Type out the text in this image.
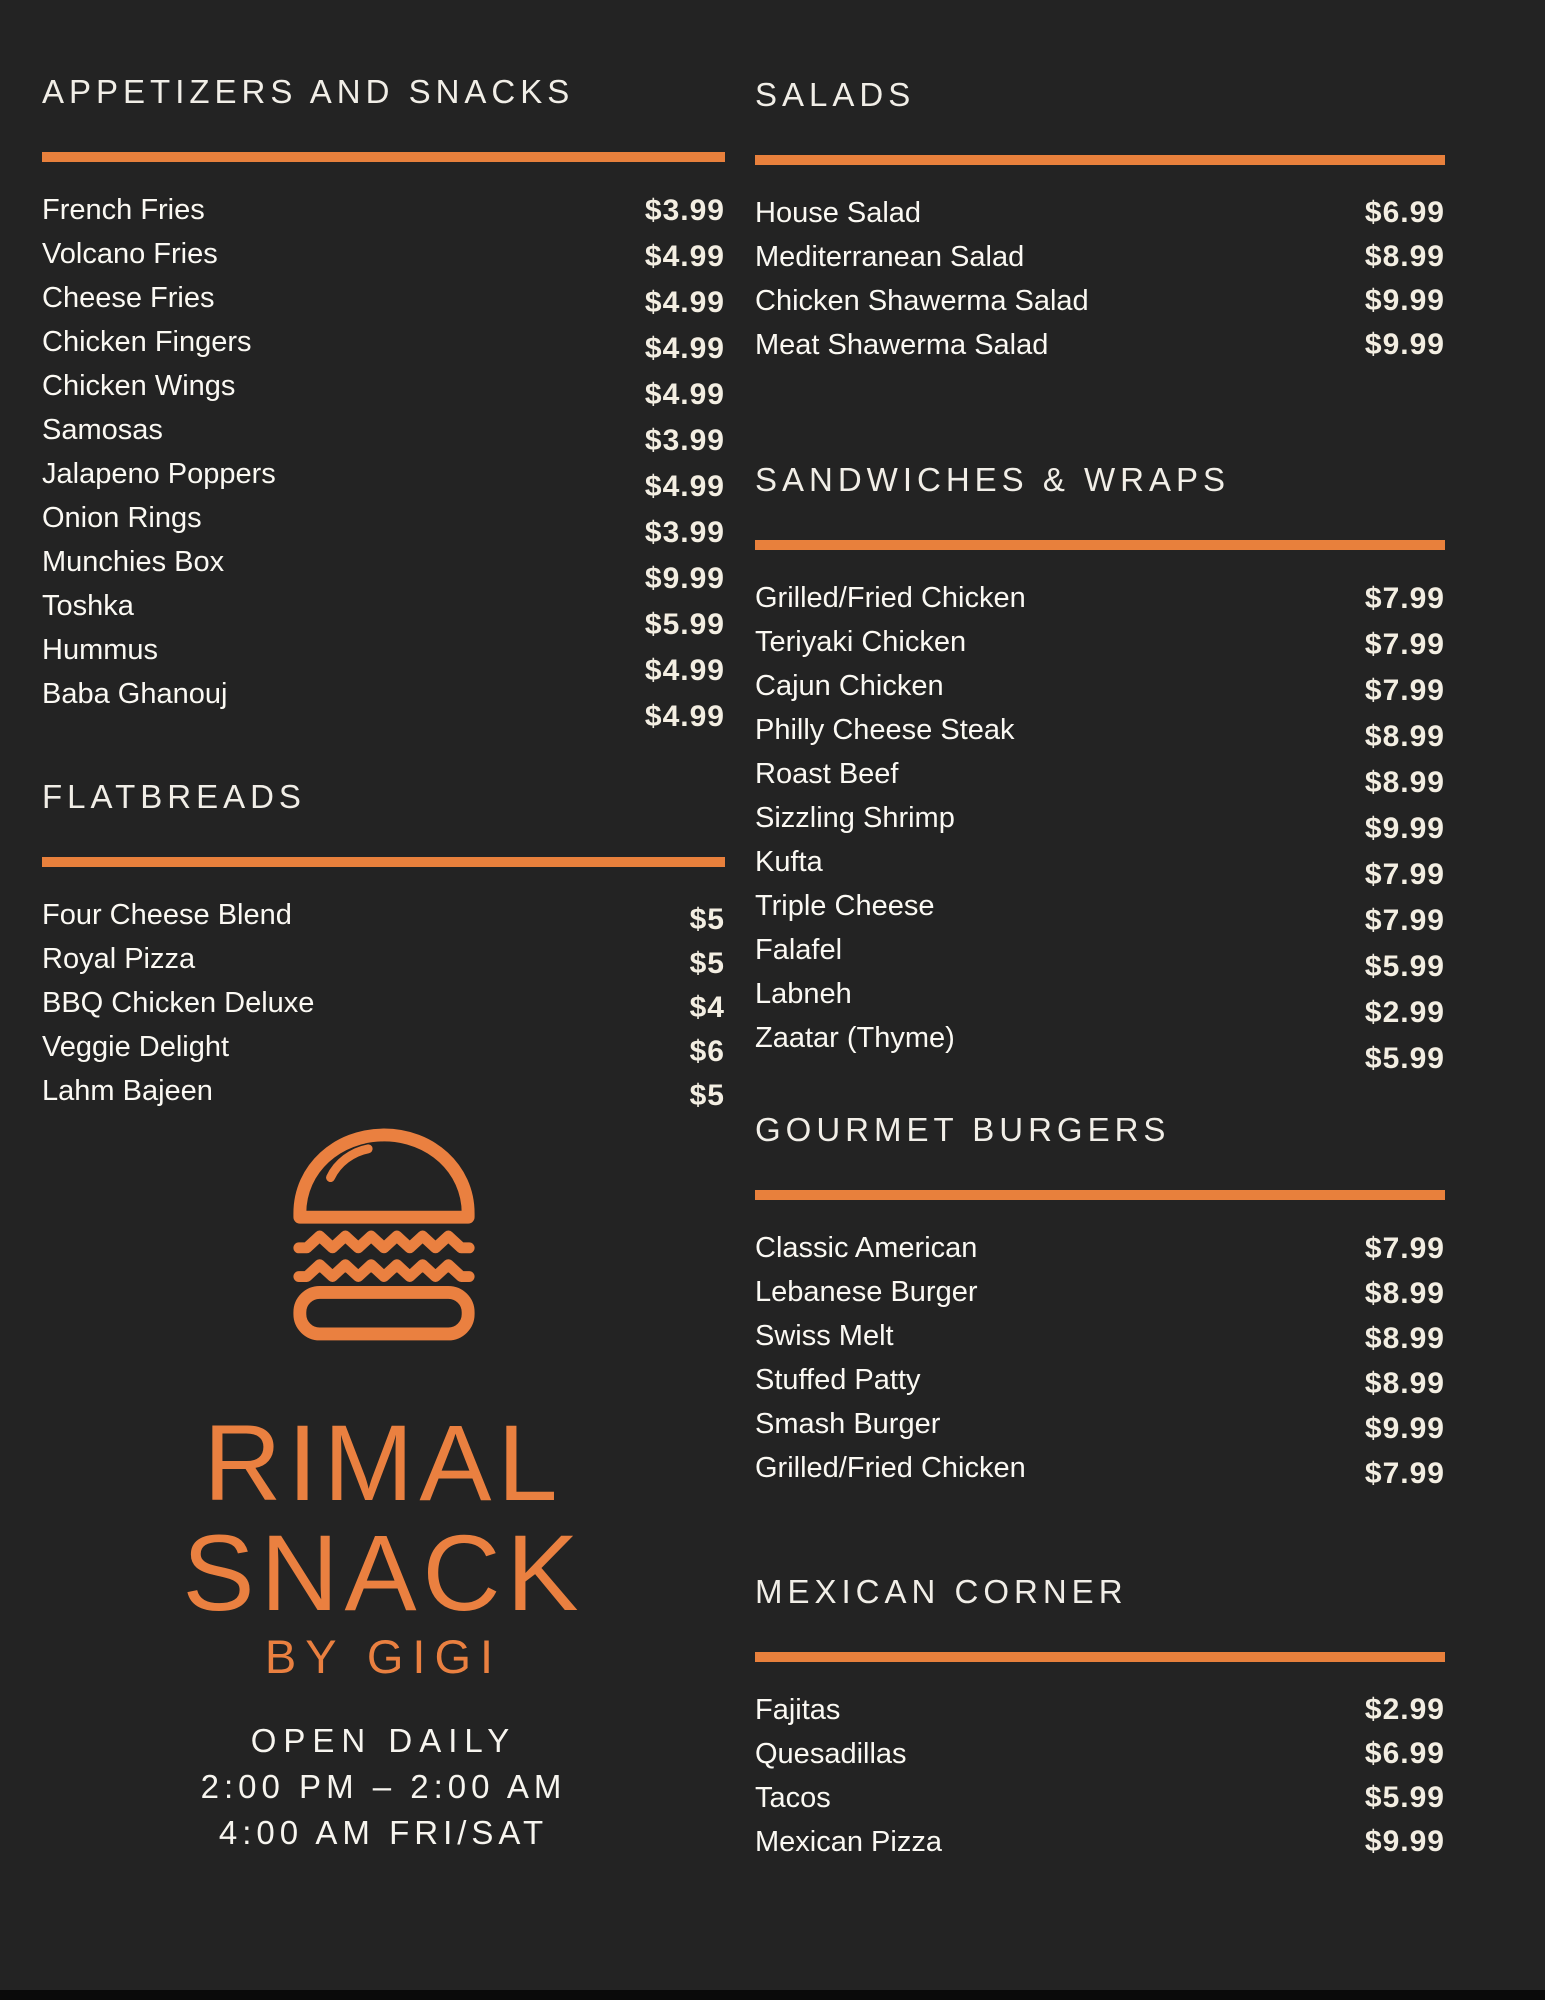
APPETIZERS AND SNACKS
French Fries
Volcano Fries
Cheese Fries
Chicken Fingers
Chicken Wings
Samosas
Jalapeno Poppers
Onion Rings
Munchies Box
Toshka
Hummus
Baba Ghanouj
$3.99
$4.99
$4.99
$4.99
$4.99
$3.99
$4.99
$3.99
$9.99
$5.99
$4.99
$4.99
FLATBREADS
Four Cheese Blend
Royal Pizza
BBQ Chicken Deluxe
Veggie Delight
Lahm Bajeen
$5
$5
$4
$6
$5
SALADS
House Salad
Mediterranean Salad
Chicken Shawerma Salad
Meat Shawerma Salad
$6.99
$8.99
$9.99
$9.99
SANDWICHES & WRAPS
Grilled/Fried Chicken
Teriyaki Chicken
Cajun Chicken
Philly Cheese Steak
Roast Beef
Sizzling Shrimp
Kufta
Triple Cheese
Falafel
Labneh
Zaatar (Thyme)
$7.99
$7.99
$7.99
$8.99
$8.99
$9.99
$7.99
$7.99
$5.99
$2.99
$5.99
GOURMET BURGERS
Classic American
Lebanese Burger
Swiss Melt
Stuffed Patty
Smash Burger
Grilled/Fried Chicken
$7.99
$8.99
$8.99
$8.99
$9.99
$7.99
MEXICAN CORNER
Fajitas
Quesadillas
Tacos
Mexican Pizza
$2.99
$6.99
$5.99
$9.99
RIMAL
SNACK
BY GIGI
OPEN DAILY
2:00 PM – 2:00 AM
4:00 AM FRI/SAT
